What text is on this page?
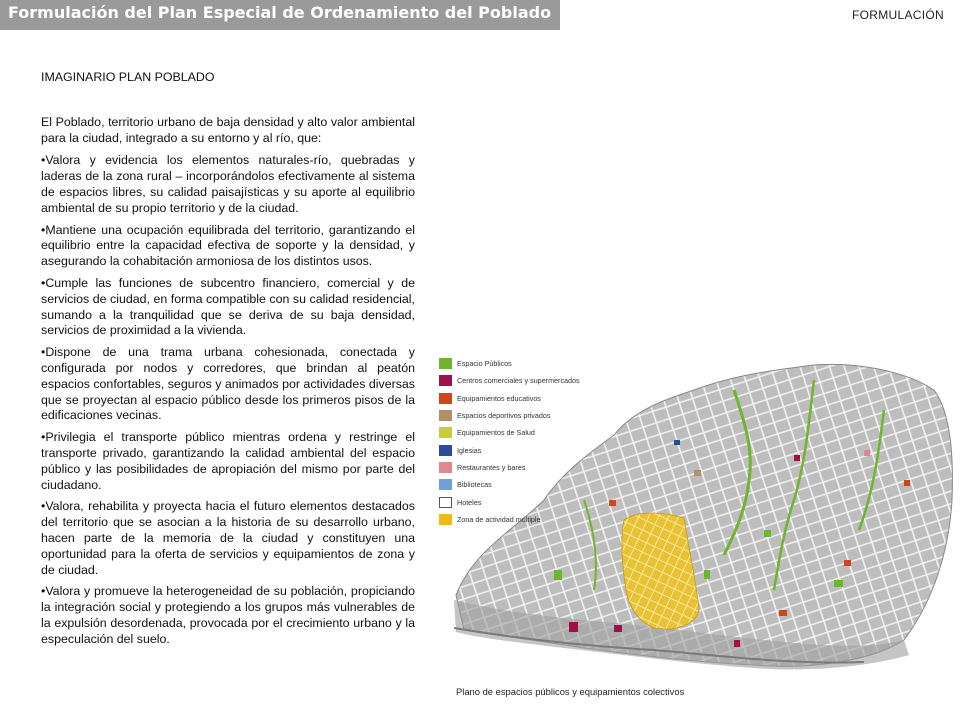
Formulación del Plan Especial de Ordenamiento del Poblado	FORMULACIÓN

IMAGINARIO PLAN POBLADO

El Poblado, territorio urbano de baja densidad y alto valor ambiental para la ciudad, integrado a su entorno y al río, que:

•Valora y evidencia los elementos naturales-río, quebradas y laderas de la zona rural – incorporándolos efectivamente al sistema de espacios libres, su calidad paisajísticas y su aporte al equilibrio ambiental de su propio territorio y de la ciudad.
•Mantiene una ocupación equilibrada del territorio, garantizando el equilibrio entre la capacidad efectiva de soporte y la densidad, y asegurando la cohabitación armoniosa de los distintos usos.
•Cumple las funciones de subcentro financiero, comercial y de servicios de ciudad, en forma compatible con su calidad residencial, sumando a la tranquilidad que se deriva de su baja densidad, servicios de proximidad a la vivienda.
•Dispone de una trama urbana cohesionada, conectada y configurada por nodos y corredores, que brindan al peatón espacios confortables, seguros y animados por actividades diversas que se proyectan al espacio público desde los primeros pisos de la edificaciones vecinas.
•Privilegia el transporte público mientras ordena y restringe el transporte privado, garantizando la calidad ambiental del espacio público y las posibilidades de apropiación del mismo por parte del ciudadano.
•Valora, rehabilita y proyecta hacia el futuro elementos destacados del territorio que se asocian a la historia de su desarrollo urbano, hacen parte de la memoria de la ciudad y constituyen una oportunidad para la oferta de servicios y equipamientos de zona y de ciudad.
•Valora y promueve la heterogeneidad de su población, propiciando la integración social y protegiendo a los grupos más vulnerables de la expulsión desordenada, provocada por el crecimiento urbano y la especulación del suelo.
Espacio Públicos
Centros comerciales y supermercados
Equipamientos educativos
Espacios deportivos privados
Equipamientos de Salud
Iglesias
Restaurantes y bares
Bibliotecas
Hoteles
Zona de actividad múltiple
Plano de espacios públicos y equipamientos colectivos
